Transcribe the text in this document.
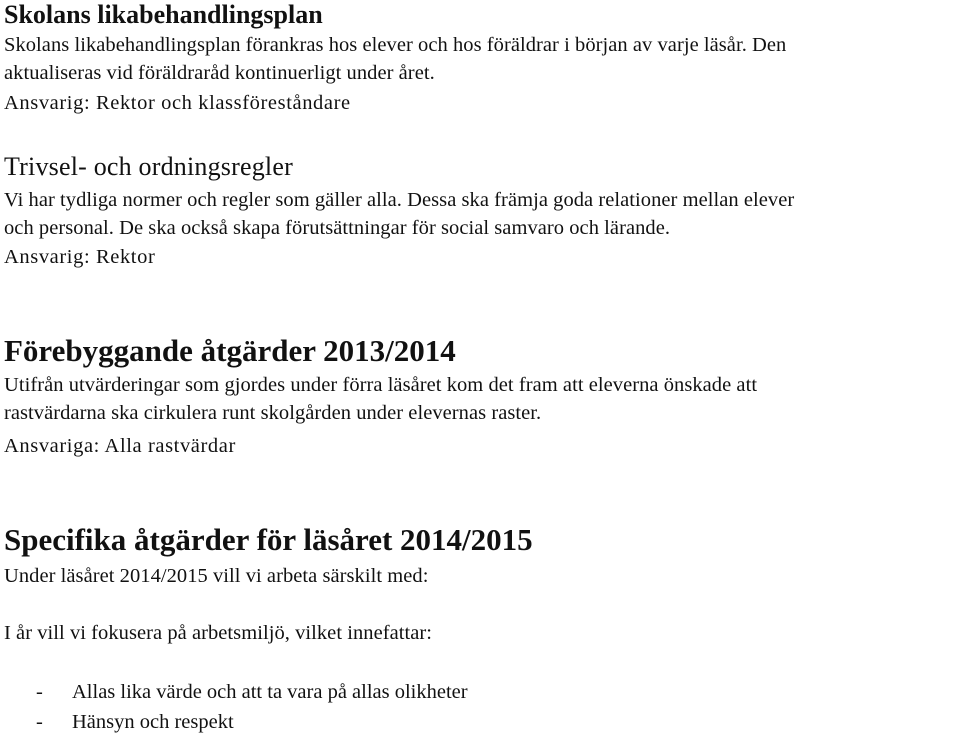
Skolans likabehandlingsplan

Skolans likabehandlingsplan förankras hos elever och hos föräldrar i början av varje läsår. Den
aktualiseras vid föräldraråd kontinuerligt under året.

Ansvarig: Rektor och klassföreståndare

Trivsel- och ordningsregler

Vi har tydliga normer och regler som gäller alla. Dessa ska främja goda relationer mellan elever
och personal. De ska också skapa förutsättningar för social samvaro och lärande.

Ansvarig: Rektor

Förebyggande åtgärder 2013/2014

Utifrån utvärderingar som gjordes under förra läsåret kom det fram att eleverna önskade att
rastvärdarna ska cirkulera runt skolgården under elevernas raster.

Ansvariga: Alla rastvärdar

Specifika åtgärder för läsåret 2014/2015

Under läsåret 2014/2015 vill vi arbeta särskilt med:

I år vill vi fokusera på arbetsmiljö, vilket innefattar:

-	Allas lika värde och att ta vara på allas olikheter
-	Hänsyn och respekt
